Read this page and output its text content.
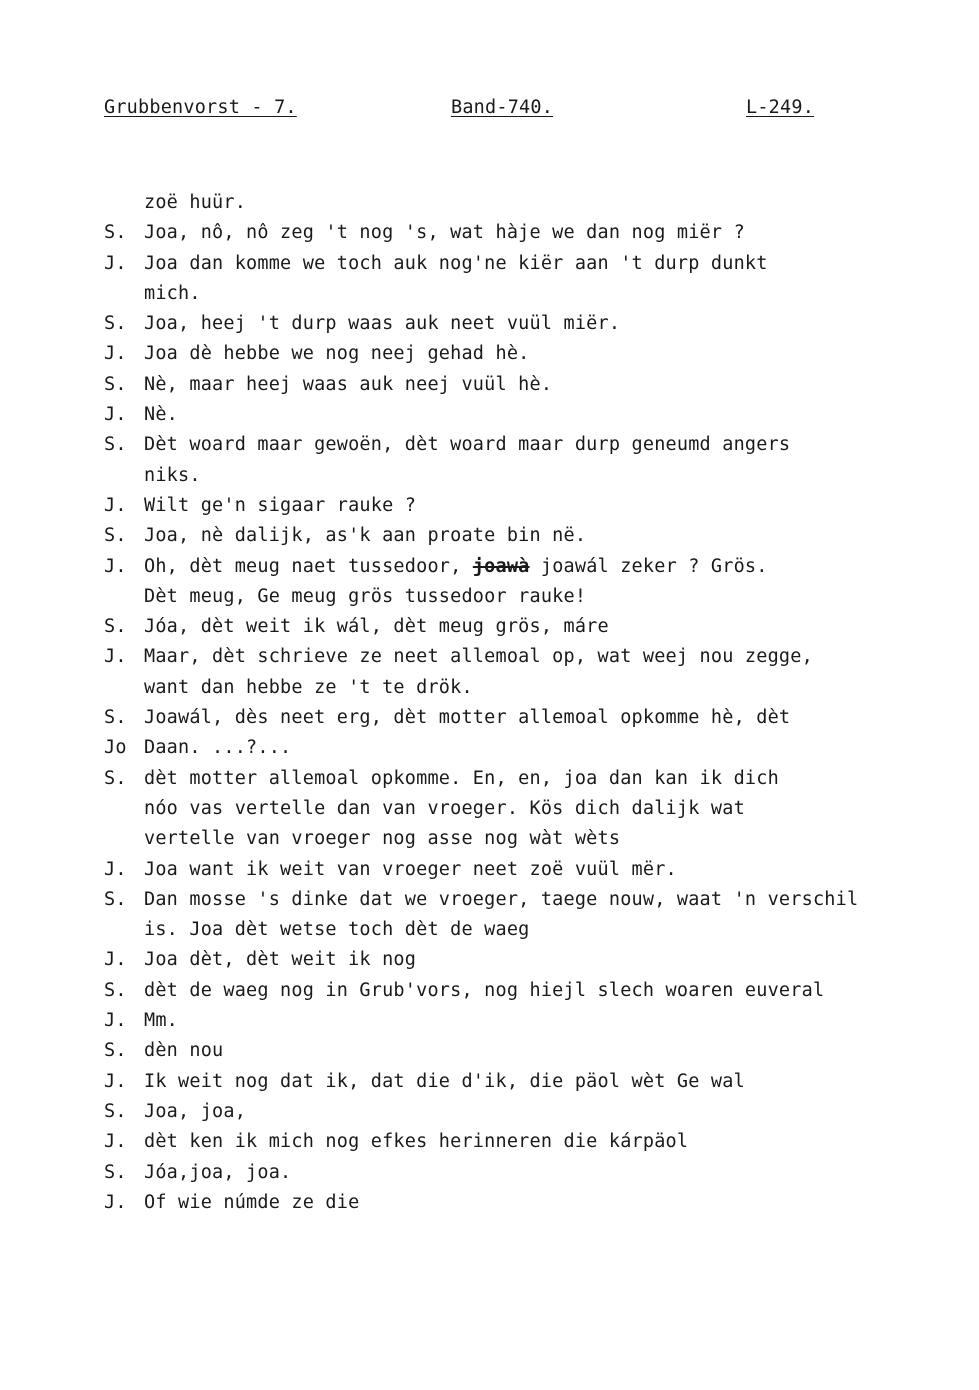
Grubbenvorst - 7.	Band-740.	L-249.
zoë huür.
S. Joa, nô, nô zeg 't nog 's, wat hàje we dan nog miër ?
J. Joa dan komme we toch auk nog'ne kiër aan 't durp dunkt
mich.
S. Joa, heej 't durp waas auk neet vuül miër.
J. Joa dè hebbe we nog neej gehad hè.
S. Nè, maar heej waas auk neej vuül hè.
J. Nè.
S. Dèt woard maar gewoën, dèt woard maar durp geneumd angers
niks.
J. Wilt ge'n sigaar rauke ?
S. Joa, nè dalijk, as'k aan proate bin në.
J. Oh, dèt meug naet tussedoor, joawà joawál zeker ? Grös.
Dèt meug, Ge meug grös tussedoor rauke!
S. Jóa, dèt weit ik wál, dèt meug grös, máre
J. Maar, dèt schrieve ze neet allemoal op, wat weej nou zegge,
want dan hebbe ze 't te drök.
S. Joawál, dès neet erg, dèt motter allemoal opkomme hè, dèt
Jo Daan. ...?...
S. dèt motter allemoal opkomme. En, en, joa dan kan ik dich
nóo vas vertelle dan van vroeger. Kös dich dalijk wat
vertelle van vroeger nog asse nog wàt wèts
J. Joa want ik weit van vroeger neet zoë vuül mër.
S. Dan mosse 's dinke dat we vroeger, taege nouw, waat 'n verschil
is. Joa dèt wetse toch dèt de waeg
J. Joa dèt, dèt weit ik nog
S. dèt de waeg nog in Grub'vors, nog hiejl slech woaren euveral
J. Mm.
S. dèn nou
J. Ik weit nog dat ik, dat die d'ik, die päol wèt Ge wal
S. Joa, joa,
J. dèt ken ik mich nog efkes herinneren die kárpäol
S. Jóa,joa, joa.
J. Of wie númde ze die
